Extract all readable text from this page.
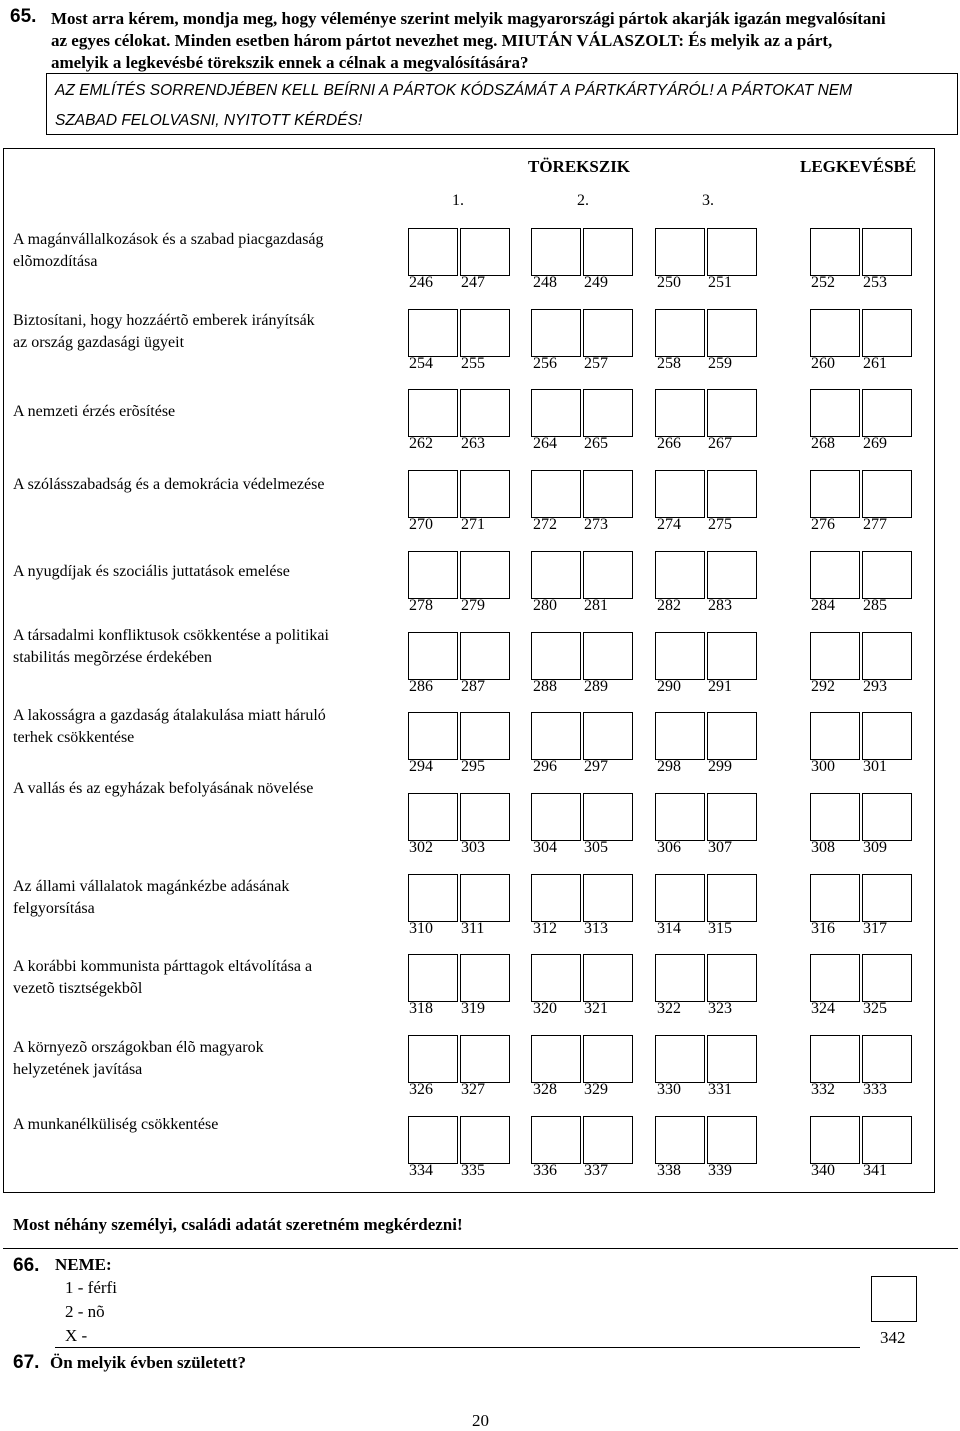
65. Most arra kérem, mondja meg, hogy véleménye szerint melyik magyarországi pártok akarják igazán megvalósítani
az egyes célokat. Minden esetben három pártot nevezhet meg. MIUTÁN VÁLASZOLT: És melyik az a párt,
amelyik a legkevésbé törekszik ennek a célnak a megvalósítására?
AZ EMLÍTÉS SORRENDJÉBEN KELL BEÍRNI A PÁRTOK KÓDSZÁMÁT A PÁRTKÁRTYÁRÓL! A PÁRTOKAT NEM
SZABAD FELOLVASNI, NYITOTT KÉRDÉS!
TÖREKSZIK	LEGKEVÉSBÉ
1.	2.	3.
A magánvállalkozások és a szabad piacgazdaság
elõmozdítása
246 247	248 249	250 251	252 253
Biztosítani, hogy hozzáértõ emberek irányítsák
az ország gazdasági ügyeit
254 255	256 257	258 259	260 261
A nemzeti érzés erõsítése
262 263	264 265	266 267	268 269
A szólásszabadság és a demokrácia védelmezése
270 271	272 273	274 275	276 277
A nyugdíjak és szociális juttatások emelése
278 279	280 281	282 283	284 285
A társadalmi konfliktusok csökkentése a politikai
stabilitás megõrzése érdekében
286 287	288 289	290 291	292 293
A lakosságra a gazdaság átalakulása miatt háruló
terhek csökkentése
294 295	296 297	298 299	300 301
A vallás és az egyházak befolyásának növelése
302 303	304 305	306 307	308 309
Az állami vállalatok magánkézbe adásának
felgyorsítása
310 311	312 313	314 315	316 317
A korábbi kommunista párttagok eltávolítása a
vezetõ tisztségekbõl
318 319	320 321	322 323	324 325
A környezõ országokban élõ magyarok
helyzetének javítása
326 327	328 329	330 331	332 333
A munkanélküliség csökkentése
334 335	336 337	338 339	340 341
Most néhány személyi, családi adatát szeretném megkérdezni!
66. NEME:
1 - férfi
2 - nõ
X -	342
67. Ön melyik évben született?
20
